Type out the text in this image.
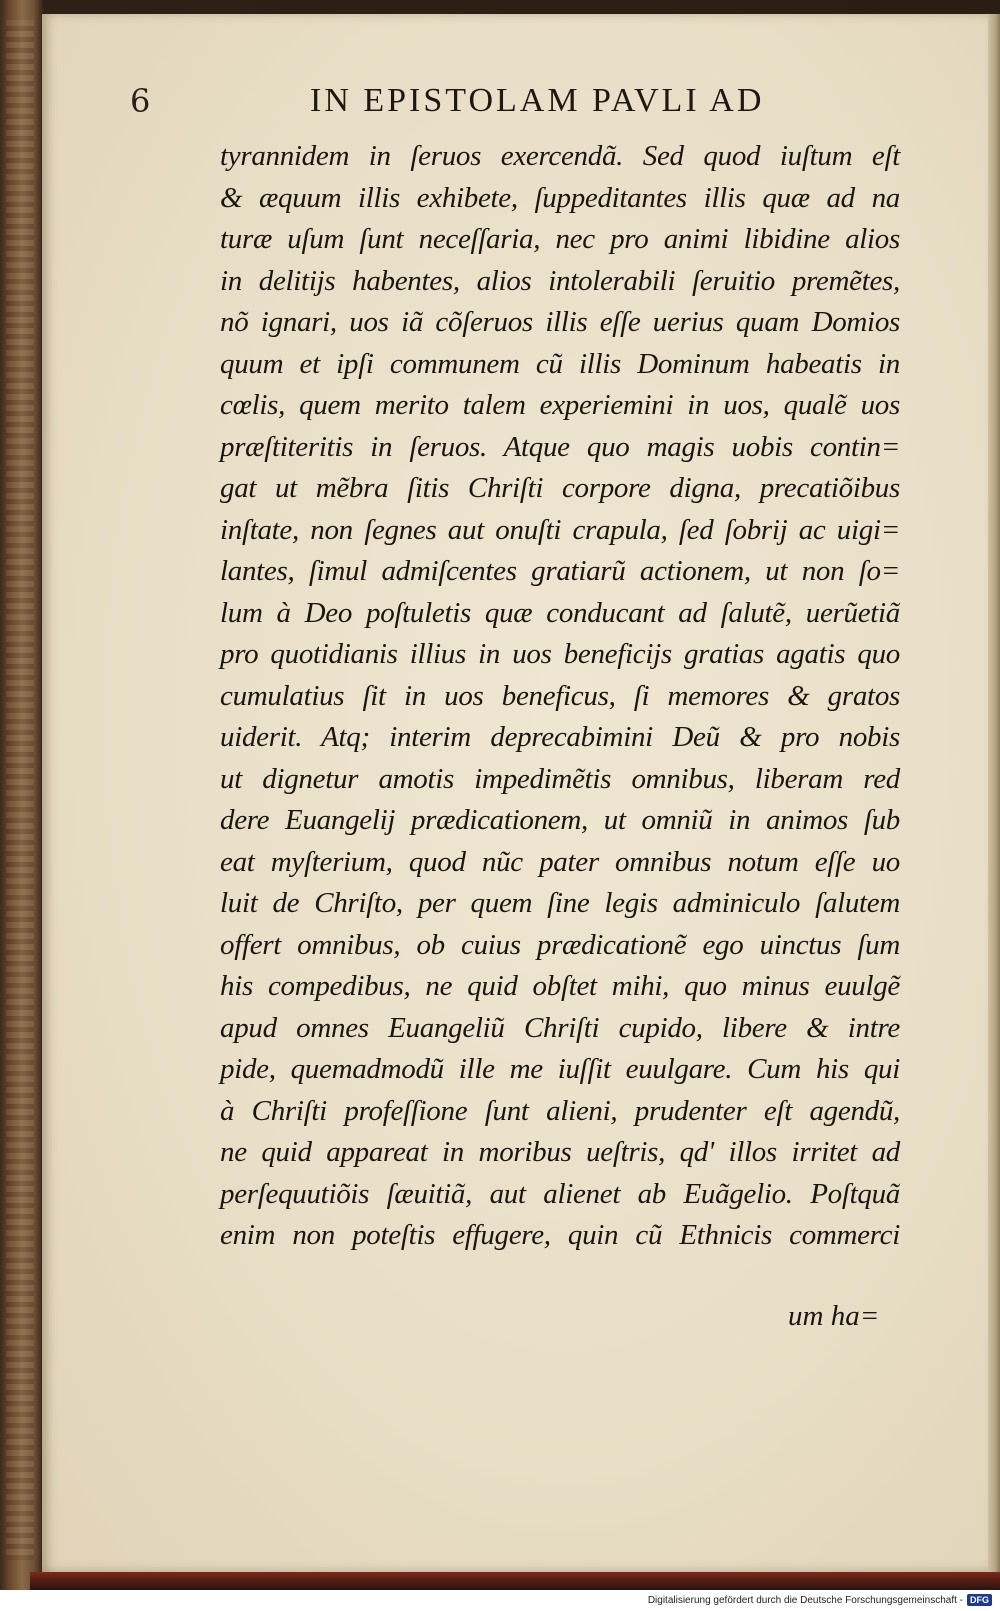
6	IN EPISTOLAM PAVLI AD
tyrannidem in ſeruos exercendã. Sed quod iuſtum eſt
& æquum illis exhibete, ſuppeditantes illis quæ ad na
turæ uſum ſunt neceſſaria, nec pro animi libidine alios
in delitijs habentes, alios intolerabili ſeruitio premẽtes,
nõ ignari, uos iã cõſeruos illis eſſe uerius quam Domios
quum et ipſi communem cũ illis Dominum habeatis in
cœlis, quem merito talem experiemini in uos, qualẽ uos
præſtiteritis in ſeruos. Atque quo magis uobis contin=
gat ut mẽbra ſitis Chriſti corpore digna, precatiõibus
inſtate, non ſegnes aut onuſti crapula, ſed ſobrij ac uigi=
lantes, ſimul admiſcentes gratiarũ actionem, ut non ſo=
lum à Deo poſtuletis quæ conducant ad ſalutẽ, uerũetiã
pro quotidianis illius in uos beneficijs gratias agatis quo
cumulatius ſit in uos beneficus, ſi memores & gratos
uiderit. Atq; interim deprecabimini Deũ & pro nobis
ut dignetur amotis impedimẽtis omnibus, liberam red
dere Euangelij prædicationem, ut omniũ in animos ſub
eat myſterium, quod nũc pater omnibus notum eſſe uo
luit de Chriſto, per quem ſine legis adminiculo ſalutem
offert omnibus, ob cuius prædicationẽ ego uinctus ſum
his compedibus, ne quid obſtet mihi, quo minus euulgẽ
apud omnes Euangeliũ Chriſti cupido, libere & intre
pide, quemadmodũ ille me iuſſit euulgare. Cum his qui
à Chriſti profeſſione ſunt alieni, prudenter eſt agendũ,
ne quid appareat in moribus ueſtris, qd' illos irritet ad
perſequutiõis ſæuitiã, aut alienet ab Euãgelio. Poſtquã
enim non poteſtis effugere, quin cũ Ethnicis commerci
um ha=
Digitalisierung gefördert durch die Deutsche Forschungsgemeinschaft - DFG
